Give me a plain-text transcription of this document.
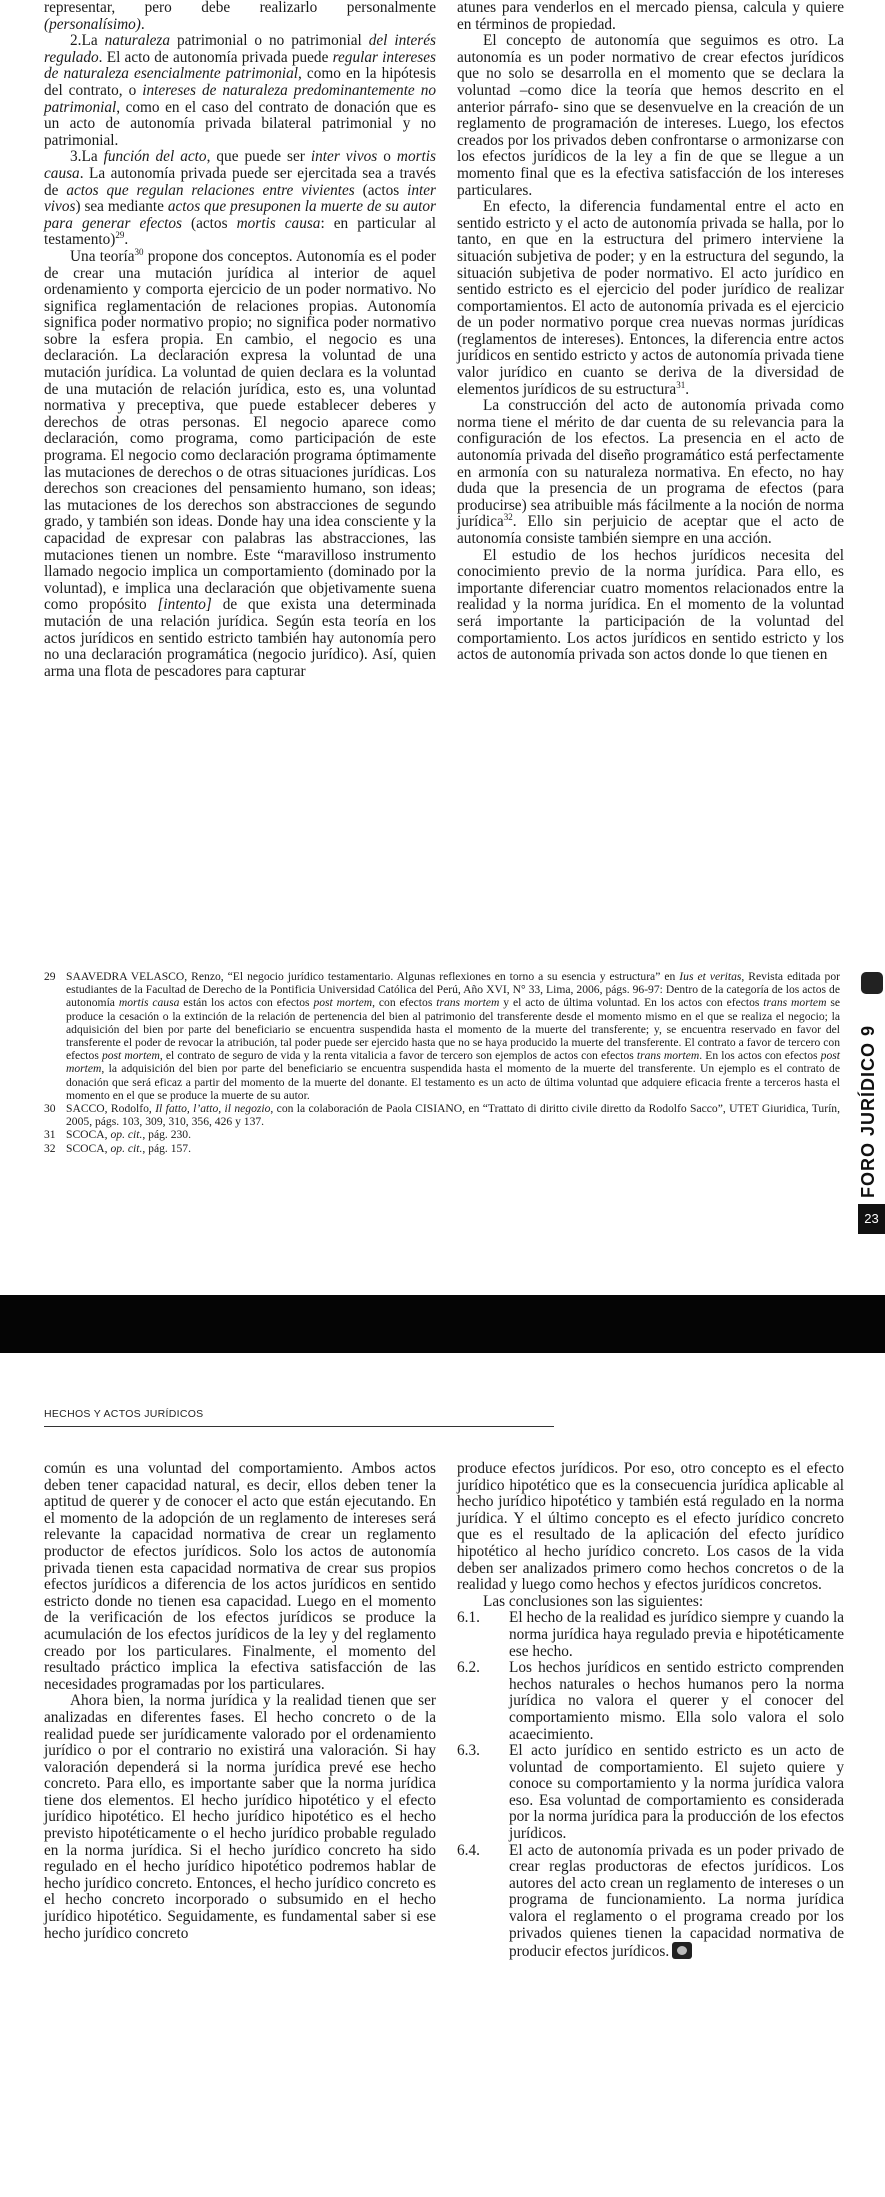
representar, pero debe realizarlo personalmente (personalísimo).

2.La naturaleza patrimonial o no patrimonial del interés regulado. El acto de autonomía privada puede regular intereses de naturaleza esencialmente patrimonial, como en la hipótesis del contrato, o intereses de naturaleza predominantemente no patrimonial, como en el caso del contrato de donación que es un acto de autonomía privada bilateral patrimonial y no patrimonial.

3.La función del acto, que puede ser inter vivos o mortis causa. La autonomía privada puede ser ejercitada sea a través de actos que regulan relaciones entre vivientes (actos inter vivos) sea mediante actos que presuponen la muerte de su autor para generar efectos (actos mortis causa: en particular al testamento)$^{29}$.

Una teoría$^{30}$ propone dos conceptos. Autonomía es el poder de crear una mutación jurídica al interior de aquel ordenamiento y comporta ejercicio de un poder normativo. No significa reglamentación de relaciones propias. Autonomía significa poder normativo propio; no significa poder normativo sobre la esfera propia. En cambio, el negocio es una declaración. La declaración expresa la voluntad de una mutación jurídica. La voluntad de quien declara es la voluntad de una mutación de relación jurídica, esto es, una voluntad normativa y preceptiva, que puede establecer deberes y derechos de otras personas. El negocio aparece como declaración, como programa, como participación de este programa. El negocio como declaración programa óptimamente las mutaciones de derechos o de otras situaciones jurídicas. Los derechos son creaciones del pensamiento humano, son ideas; las mutaciones de los derechos son abstracciones de segundo grado, y también son ideas. Donde hay una idea consciente y la capacidad de expresar con palabras las abstracciones, las mutaciones tienen un nombre. Este “maravilloso instrumento llamado negocio implica un comportamiento (dominado por la voluntad), e implica una declaración que objetivamente suena como propósito [intento] de que exista una determinada mutación de una relación jurídica. Según esta teoría en los actos jurídicos en sentido estricto también hay autonomía pero no una declaración programática (negocio jurídico). Así, quien arma una flota de pescadores para capturar

atunes para venderlos en el mercado piensa, calcula y quiere en términos de propiedad.

El concepto de autonomía que seguimos es otro. La autonomía es un poder normativo de crear efectos jurídicos que no solo se desarrolla en el momento que se declara la voluntad –como dice la teoría que hemos descrito en el anterior párrafo- sino que se desenvuelve en la creación de un reglamento de programación de intereses. Luego, los efectos creados por los privados deben confrontarse o armonizarse con los efectos jurídicos de la ley a fin de que se llegue a un momento final que es la efectiva satisfacción de los intereses particulares.

En efecto, la diferencia fundamental entre el acto en sentido estricto y el acto de autonomía privada se halla, por lo tanto, en que en la estructura del primero interviene la situación subjetiva de poder; y en la estructura del segundo, la situación subjetiva de poder normativo. El acto jurídico en sentido estricto es el ejercicio del poder jurídico de realizar comportamientos. El acto de autonomía privada es el ejercicio de un poder normativo porque crea nuevas normas jurídicas (reglamentos de intereses). Entonces, la diferencia entre actos jurídicos en sentido estricto y actos de autonomía privada tiene valor jurídico en cuanto se deriva de la diversidad de elementos jurídicos de su estructura$^{31}$.

La construcción del acto de autonomía privada como norma tiene el mérito de dar cuenta de su relevancia para la configuración de los efectos. La presencia en el acto de autonomía privada del diseño programático está perfectamente en armonía con su naturaleza normativa. En efecto, no hay duda que la presencia de un programa de efectos (para producirse) sea atribuible más fácilmente a la noción de norma jurídica$^{32}$. Ello sin perjuicio de aceptar que el acto de autonomía consiste también siempre en una acción.

El estudio de los hechos jurídicos necesita del conocimiento previo de la norma jurídica. Para ello, es importante diferenciar cuatro momentos relacionados entre la realidad y la norma jurídica. En el momento de la voluntad será importante la participación de la voluntad del comportamiento. Los actos jurídicos en sentido estricto y los actos de autonomía privada son actos donde lo que tienen en

29 SAAVEDRA VELASCO, Renzo, “El negocio jurídico testamentario. Algunas reflexiones en torno a su esencia y estructura” en Ius et veritas, Revista editada por estudiantes de la Facultad de Derecho de la Pontificia Universidad Católica del Perú, Año XVI, N° 33, Lima, 2006, págs. 96-97: Dentro de la categoría de los actos de autonomía mortis causa están los actos con efectos post mortem, con efectos trans mortem y el acto de última voluntad. En los actos con efectos trans mortem se produce la cesación o la extinción de la relación de pertenencia del bien al patrimonio del transferente desde el momento mismo en el que se realiza el negocio; la adquisición del bien por parte del beneficiario se encuentra suspendida hasta el momento de la muerte del transferente; y, se encuentra reservado en favor del transferente el poder de revocar la atribución, tal poder puede ser ejercido hasta que no se haya producido la muerte del transferente. El contrato a favor de tercero con efectos post mortem, el contrato de seguro de vida y la renta vitalicia a favor de tercero son ejemplos de actos con efectos trans mortem. En los actos con efectos post mortem, la adquisición del bien por parte del beneficiario se encuentra suspendida hasta el momento de la muerte del transferente. Un ejemplo es el contrato de donación que será eficaz a partir del momento de la muerte del donante. El testamento es un acto de última voluntad que adquiere eficacia frente a terceros hasta el momento en el que se produce la muerte de su autor.

30 SACCO, Rodolfo, Il fatto, l’atto, il negozio, con la colaboración de Paola CISIANO, en “Trattato di diritto civile diretto da Rodolfo Sacco”, UTET Giuridica, Turín, 2005, págs. 103, 309, 310, 356, 426 y 137.

31 SCOCA, op. cit., pág. 230.

32 SCOCA, op. cit., pág. 157.	FORO JURÍDICO 9
23
HECHOS Y ACTOS JURÍDICOS

común es una voluntad del comportamiento. Ambos actos deben tener capacidad natural, es decir, ellos deben tener la aptitud de querer y de conocer el acto que están ejecutando. En el momento de la adopción de un reglamento de intereses será relevante la capacidad normativa de crear un reglamento productor de efectos jurídicos. Solo los actos de autonomía privada tienen esta capacidad normativa de crear sus propios efectos jurídicos a diferencia de los actos jurídicos en sentido estricto donde no tienen esa capacidad. Luego en el momento de la verificación de los efectos jurídicos se produce la acumulación de los efectos jurídicos de la ley y del reglamento creado por los particulares. Finalmente, el momento del resultado práctico implica la efectiva satisfacción de las necesidades programadas por los particulares.

Ahora bien, la norma jurídica y la realidad tienen que ser analizadas en diferentes fases. El hecho concreto o de la realidad puede ser jurídicamente valorado por el ordenamiento jurídico o por el contrario no existirá una valoración. Si hay valoración dependerá si la norma jurídica prevé ese hecho concreto. Para ello, es importante saber que la norma jurídica tiene dos elementos. El hecho jurídico hipotético y el efecto jurídico hipotético. El hecho jurídico hipotético es el hecho previsto hipotéticamente o el hecho jurídico probable regulado en la norma jurídica. Si el hecho jurídico concreto ha sido regulado en el hecho jurídico hipotético podremos hablar de hecho jurídico concreto. Entonces, el hecho jurídico concreto es el hecho concreto incorporado o subsumido en el hecho jurídico hipotético. Seguidamente, es fundamental saber si ese hecho jurídico concreto

produce efectos jurídicos. Por eso, otro concepto es el efecto jurídico hipotético que es la consecuencia jurídica aplicable al hecho jurídico hipotético y también está regulado en la norma jurídica. Y el último concepto es el efecto jurídico concreto que es el resultado de la aplicación del efecto jurídico hipotético al hecho jurídico concreto. Los casos de la vida deben ser analizados primero como hechos concretos o de la realidad y luego como hechos y efectos jurídicos concretos.

Las conclusiones son las siguientes:

6.1. El hecho de la realidad es jurídico siempre y cuando la norma jurídica haya regulado previa e hipotéticamente ese hecho.

6.2. Los hechos jurídicos en sentido estricto comprenden hechos naturales o hechos humanos pero la norma jurídica no valora el querer y el conocer del comportamiento mismo. Ella solo valora el solo acaecimiento.

6.3. El acto jurídico en sentido estricto es un acto de voluntad de comportamiento. El sujeto quiere y conoce su comportamiento y la norma jurídica valora eso. Esa voluntad de comportamiento es considerada por la norma jurídica para la producción de los efectos jurídicos.

6.4. El acto de autonomía privada es un poder privado de crear reglas productoras de efectos jurídicos. Los autores del acto crean un reglamento de intereses o un programa de funcionamiento. La norma jurídica valora el reglamento o el programa creado por los privados quienes tienen la capacidad normativa de producir efectos jurídicos.
